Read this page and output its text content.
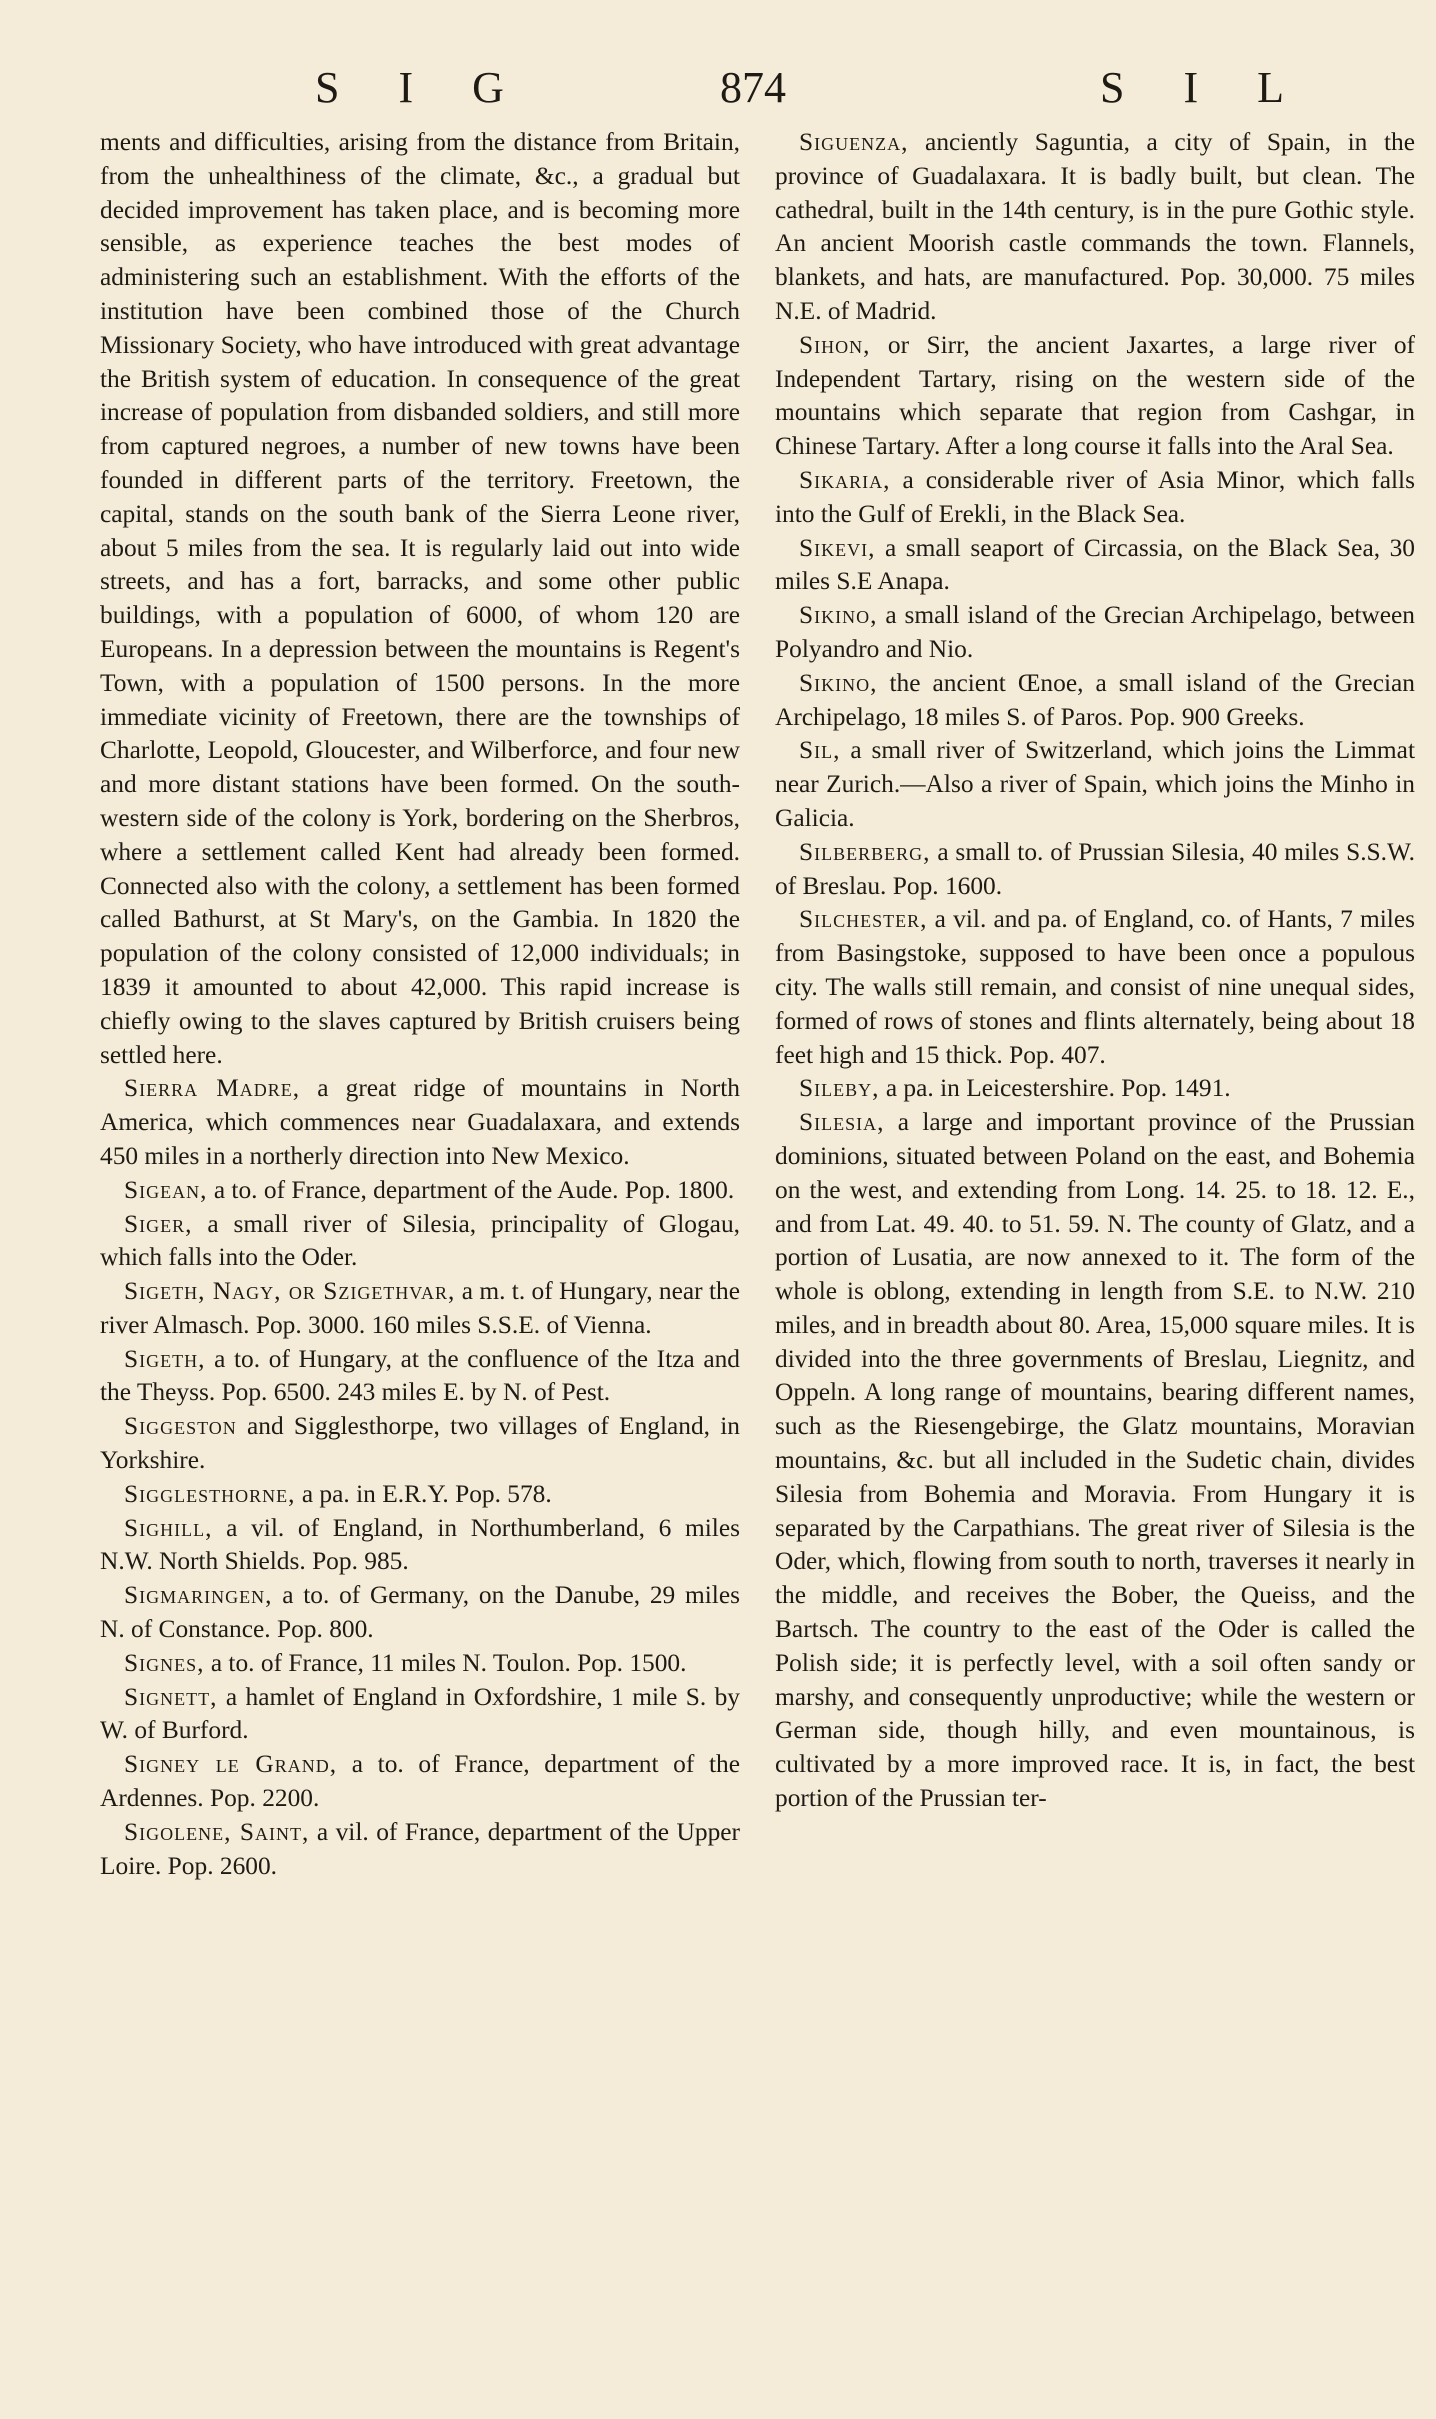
S I G	874	S I L

ments and difficulties, arising from the distance from Britain, from the unhealthiness of the climate, &c., a gradual but decided improvement has taken place, and is becoming more sensible, as experience teaches the best modes of administering such an establishment. With the efforts of the institution have been combined those of the Church Missionary Society, who have introduced with great advantage the British system of education. In consequence of the great increase of population from disbanded soldiers, and still more from captured negroes, a number of new towns have been founded in different parts of the territory. Freetown, the capital, stands on the south bank of the Sierra Leone river, about 5 miles from the sea. It is regularly laid out into wide streets, and has a fort, barracks, and some other public buildings, with a population of 6000, of whom 120 are Europeans. In a depression between the mountains is Regent's Town, with a population of 1500 persons. In the more immediate vicinity of Freetown, there are the townships of Charlotte, Leopold, Gloucester, and Wilberforce, and four new and more distant stations have been formed. On the south-western side of the colony is York, bordering on the Sherbros, where a settlement called Kent had already been formed. Connected also with the colony, a settlement has been formed called Bathurst, at St Mary's, on the Gambia. In 1820 the population of the colony consisted of 12,000 individuals; in 1839 it amounted to about 42,000. This rapid increase is chiefly owing to the slaves captured by British cruisers being settled here.

Sierra Madre, a great ridge of mountains in North America, which commences near Guadalaxara, and extends 450 miles in a northerly direction into New Mexico.

Sigean, a to. of France, department of the Aude. Pop. 1800.

Siger, a small river of Silesia, principality of Glogau, which falls into the Oder.

Sigeth, Nagy, or Szigethvar, a m. t. of Hungary, near the river Almasch. Pop. 3000. 160 miles S.S.E. of Vienna.

Sigeth, a to. of Hungary, at the confluence of the Itza and the Theyss. Pop. 6500. 243 miles E. by N. of Pest.

Siggeston and Sigglesthorpe, two villages of England, in Yorkshire.

Sigglesthorne, a pa. in E.R.Y. Pop. 578.

Sighill, a vil. of England, in Northumberland, 6 miles N.W. North Shields. Pop. 985.

Sigmaringen, a to. of Germany, on the Danube, 29 miles N. of Constance. Pop. 800.

Signes, a to. of France, 11 miles N. Toulon. Pop. 1500.

Signett, a hamlet of England in Oxfordshire, 1 mile S. by W. of Burford.

Signey le Grand, a to. of France, department of the Ardennes. Pop. 2200.

Sigolene, Saint, a vil. of France, department of the Upper Loire. Pop. 2600.

Siguenza, anciently Saguntia, a city of Spain, in the province of Guadalaxara. It is badly built, but clean. The cathedral, built in the 14th century, is in the pure Gothic style. An ancient Moorish castle commands the town. Flannels, blankets, and hats, are manufactured. Pop. 30,000. 75 miles N.E. of Madrid.

Sihon, or Sirr, the ancient Jaxartes, a large river of Independent Tartary, rising on the western side of the mountains which separate that region from Cashgar, in Chinese Tartary. After a long course it falls into the Aral Sea.

Sikaria, a considerable river of Asia Minor, which falls into the Gulf of Erekli, in the Black Sea.

Sikevi, a small seaport of Circassia, on the Black Sea, 30 miles S.E Anapa.

Sikino, a small island of the Grecian Archipelago, between Polyandro and Nio.

Sikino, the ancient Œnoe, a small island of the Grecian Archipelago, 18 miles S. of Paros. Pop. 900 Greeks.

Sil, a small river of Switzerland, which joins the Limmat near Zurich.—Also a river of Spain, which joins the Minho in Galicia.

Silberberg, a small to. of Prussian Silesia, 40 miles S.S.W. of Breslau. Pop. 1600.

Silchester, a vil. and pa. of England, co. of Hants, 7 miles from Basingstoke, supposed to have been once a populous city. The walls still remain, and consist of nine unequal sides, formed of rows of stones and flints alternately, being about 18 feet high and 15 thick. Pop. 407.

Sileby, a pa. in Leicestershire. Pop. 1491.

Silesia, a large and important province of the Prussian dominions, situated between Poland on the east, and Bohemia on the west, and extending from Long. 14. 25. to 18. 12. E., and from Lat. 49. 40. to 51. 59. N. The county of Glatz, and a portion of Lusatia, are now annexed to it. The form of the whole is oblong, extending in length from S.E. to N.W. 210 miles, and in breadth about 80. Area, 15,000 square miles. It is divided into the three governments of Breslau, Liegnitz, and Oppeln. A long range of mountains, bearing different names, such as the Riesengebirge, the Glatz mountains, Moravian mountains, &c. but all included in the Sudetic chain, divides Silesia from Bohemia and Moravia. From Hungary it is separated by the Carpathians. The great river of Silesia is the Oder, which, flowing from south to north, traverses it nearly in the middle, and receives the Bober, the Queiss, and the Bartsch. The country to the east of the Oder is called the Polish side; it is perfectly level, with a soil often sandy or marshy, and consequently unproductive; while the western or German side, though hilly, and even mountainous, is cultivated by a more improved race. It is, in fact, the best portion of the Prussian ter-
